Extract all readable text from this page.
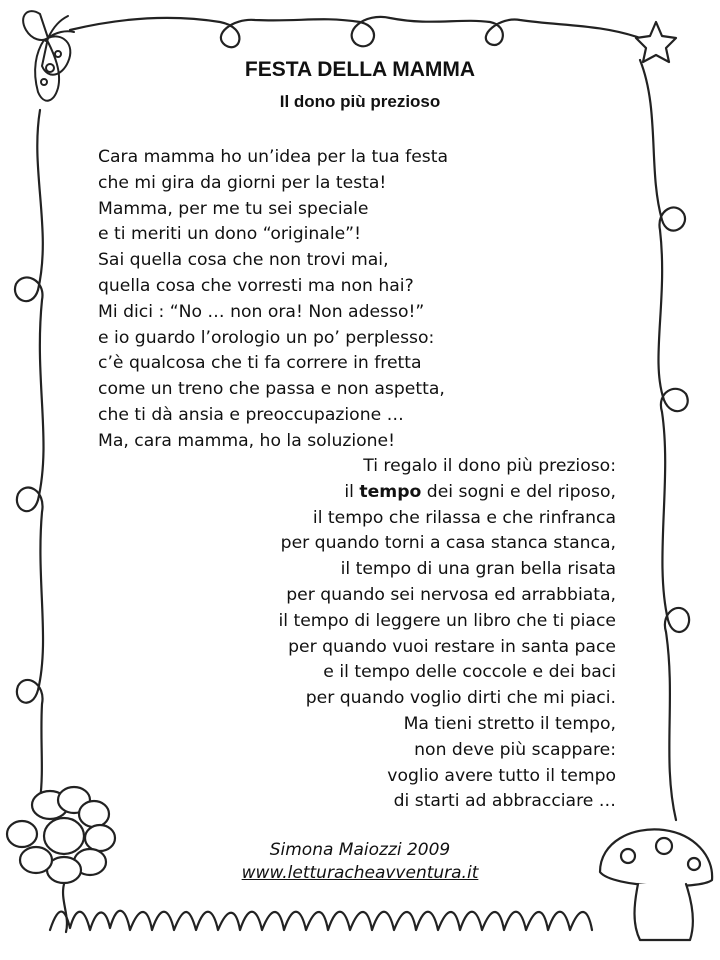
FESTA DELLA MAMMA
Il dono più prezioso
Cara mamma ho un’idea per la tua festa
che mi gira da giorni per la testa!
Mamma, per me tu sei speciale
e ti meriti un dono “originale”!
Sai quella cosa che non trovi mai,
quella cosa che vorresti ma non hai?
Mi dici : “No … non ora! Non adesso!”
e io guardo l’orologio un po’ perplesso:
c’è qualcosa che ti fa correre in fretta
come un treno che passa e non aspetta,
che ti dà ansia e preoccupazione …
Ma, cara mamma, ho la soluzione!
Ti regalo il dono più prezioso:
il tempo dei sogni e del riposo,
il tempo che rilassa e che rinfranca
per quando torni a casa stanca stanca,
il tempo di una gran bella risata
per quando sei nervosa ed arrabbiata,
il tempo di leggere un libro che ti piace
per quando vuoi restare in santa pace
e il tempo delle coccole e dei baci
per quando voglio dirti che mi piaci.
Ma tieni stretto il tempo,
non deve più scappare:
voglio avere tutto il tempo
di starti ad abbracciare …
Simona Maiozzi 2009
www.letturacheavventura.it
